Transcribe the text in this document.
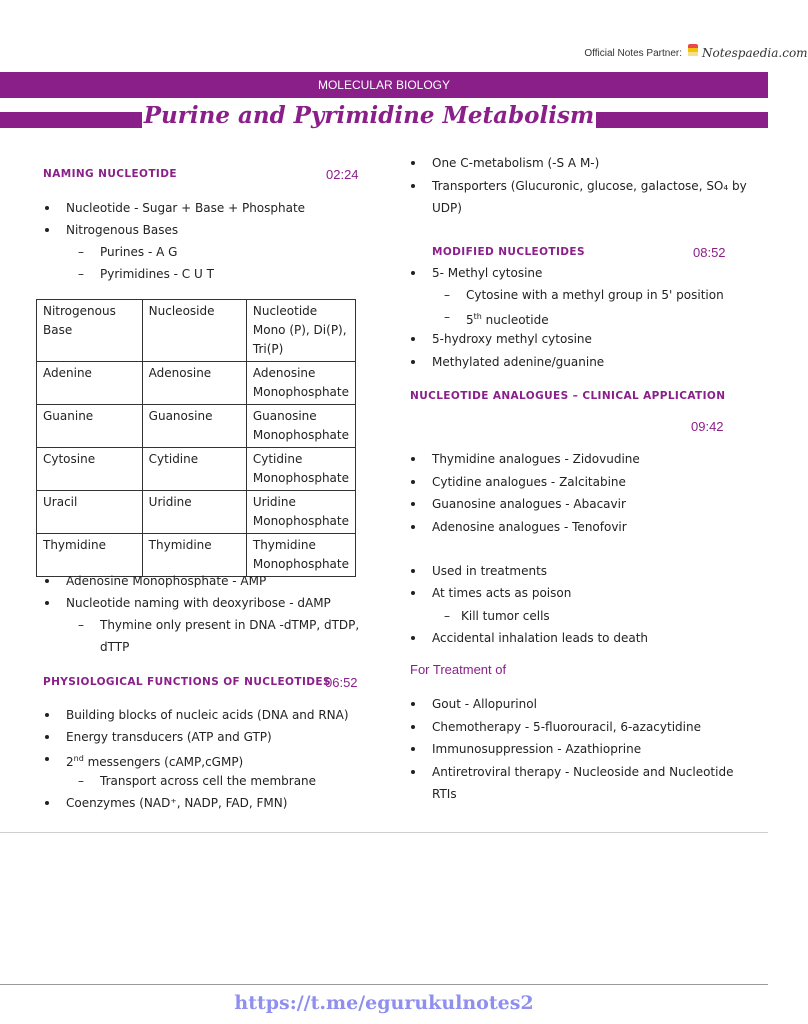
Official Notes Partner: Notespaedia.com
MOLECULAR BIOLOGY
Purine and Pyrimidine Metabolism
NAMING NUCLEOTIDE	02:24
Nucleotide - Sugar + Base + Phosphate
Nitrogenous Bases
– Purines - A G
– Pyrimidines - C U T
Nitrogenous Base	Nucleoside	Nucleotide Mono (P), Di(P), Tri(P)
Adenine	Adenosine	Adenosine Monophosphate
Guanine	Guanosine	Guanosine Monophosphate
Cytosine	Cytidine	Cytidine Monophosphate
Uracil	Uridine	Uridine Monophosphate
Thymidine	Thymidine	Thymidine Monophosphate
Adenosine Monophosphate - AMP
Nucleotide naming with deoxyribose - dAMP
– Thymine only present in DNA -dTMP, dTDP,
dTTP
PHYSIOLOGICAL FUNCTIONS OF NUCLEOTIDES
06:52
Building blocks of nucleic acids (DNA and RNA)
Energy transducers (ATP and GTP)
2nd messengers (cAMP,cGMP)
– Transport across cell the membrane
Coenzymes (NAD⁺, NADP, FAD, FMN)
One C-metabolism (-S A M-)
Transporters (Glucuronic, glucose, galactose, SO₄ by
UDP)
MODIFIED NUCLEOTIDES	08:52
5- Methyl cytosine
– Cytosine with a methyl group in 5' position
– 5th nucleotide
5-hydroxy methyl cytosine
Methylated adenine/guanine
NUCLEOTIDE ANALOGUES – CLINICAL APPLICATION
09:42
Thymidine analogues - Zidovudine
Cytidine analogues - Zalcitabine
Guanosine analogues - Abacavir
Adenosine analogues - Tenofovir
Used in treatments
At times acts as poison
– Kill tumor cells
Accidental inhalation leads to death
For Treatment of
Gout - Allopurinol
Chemotherapy - 5-fluorouracil, 6-azacytidine
Immunosuppression - Azathioprine
Antiretroviral therapy - Nucleoside and Nucleotide
RTIs
https://t.me/egurukulnotes2
